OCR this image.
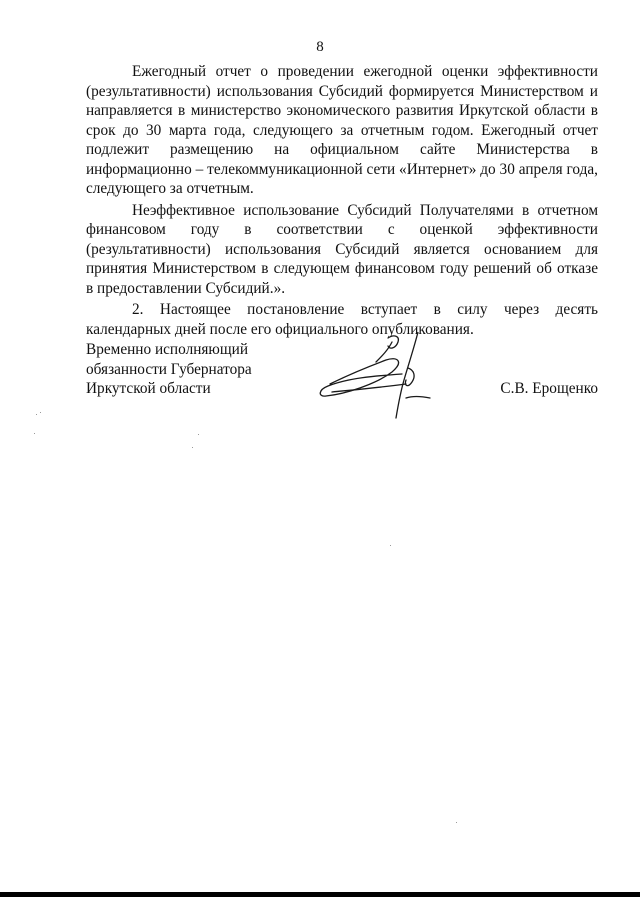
8

Ежегодный отчет о проведении ежегодной оценки эффективности (результативности) использования Субсидий формируется Министерством и направляется в министерство экономического развития Иркутской области в срок до 30 марта года, следующего за отчетным годом. Ежегодный отчет подлежит размещению на официальном сайте Министерства в информационно – телекоммуникационной сети «Интернет» до 30 апреля года, следующего за отчетным.

Неэффективное использование Субсидий Получателями в отчетном финансовом году в соответствии с оценкой эффективности (результативности) использования Субсидий является основанием для принятия Министерством в следующем финансовом году решений об отказе в предоставлении Субсидий.».

2. Настоящее постановление вступает в силу через десять календарных дней после его официального опубликования.

Временно исполняющий
обязанности Губернатора
Иркутской области	С.В. Ерощенко
